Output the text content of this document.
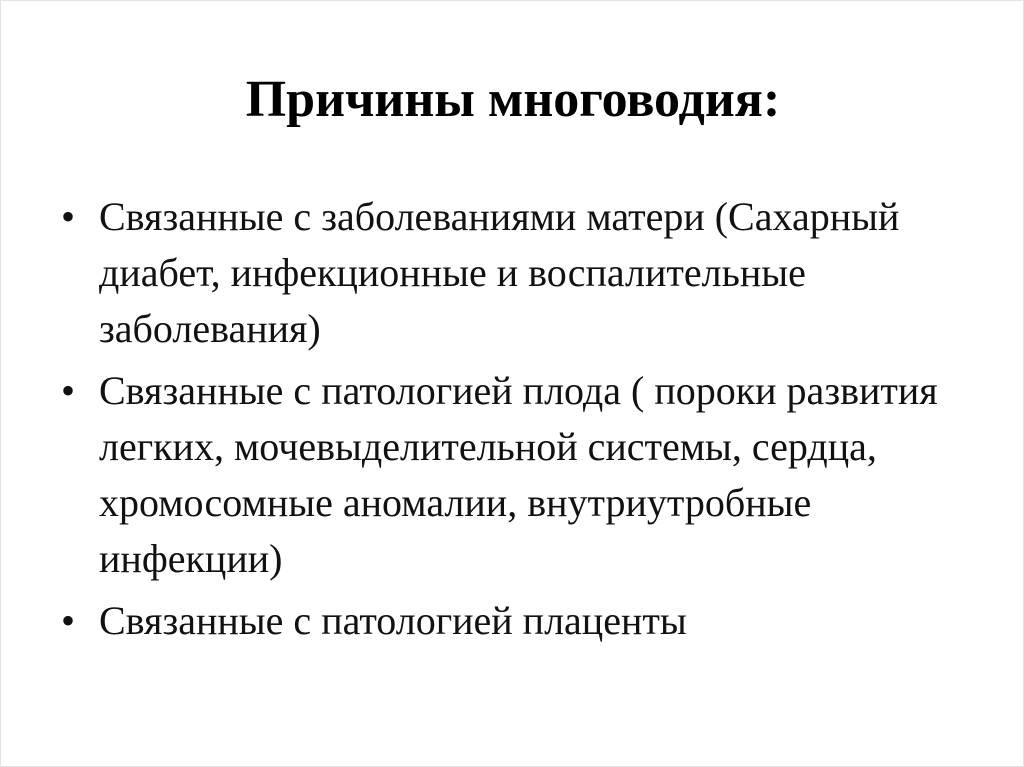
Причины многоводия:
• Связанные с заболеваниями матери (Сахарный диабет, инфекционные и воспалительные заболевания)
• Связанные с патологией плода ( пороки развития легких, мочевыделительной системы, сердца, хромосомные аномалии, внутриутробные инфекции)
• Связанные с патологией плаценты
